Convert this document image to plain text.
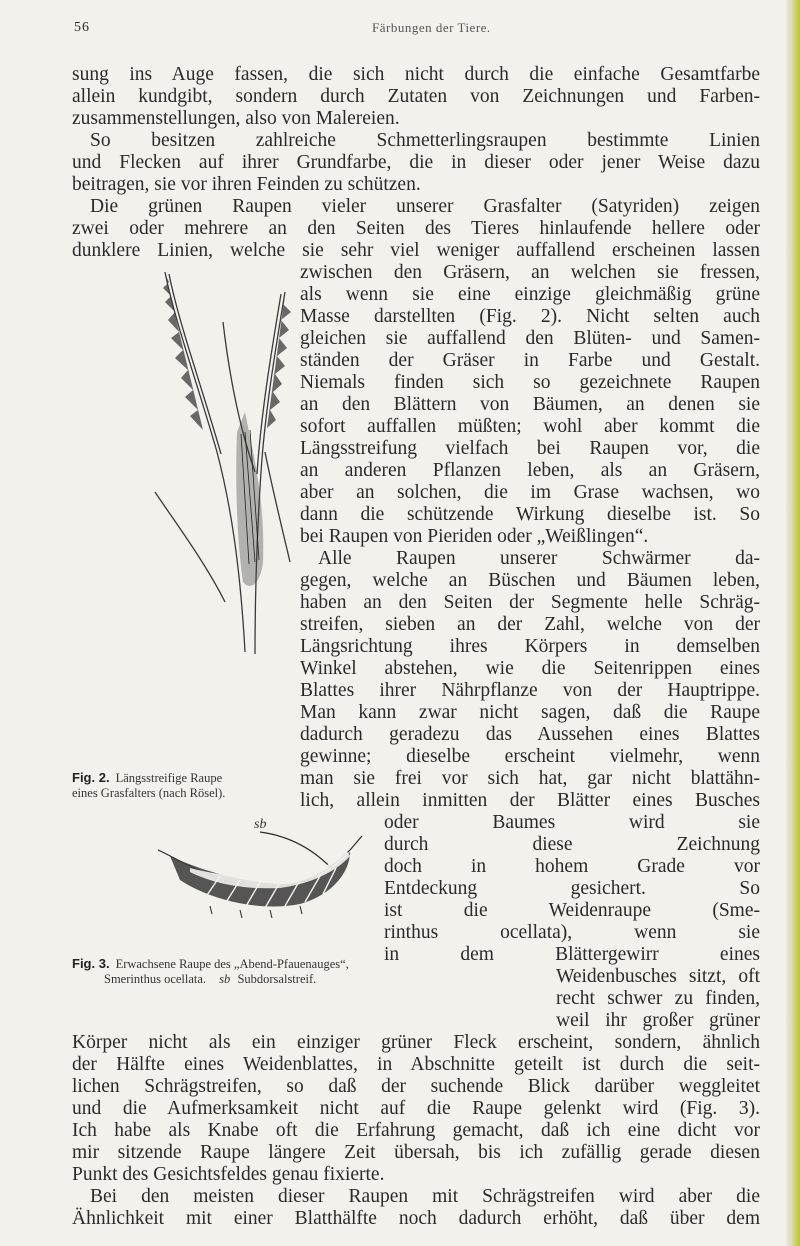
56	Färbungen der Tiere.
sung ins Auge fassen, die sich nicht durch die einfache Gesamtfarbe
allein kundgibt, sondern durch Zutaten von Zeichnungen und Farben-
zusammenstellungen, also von Malereien.
So besitzen zahlreiche Schmetterlingsraupen bestimmte Linien
und Flecken auf ihrer Grundfarbe, die in dieser oder jener Weise dazu
beitragen, sie vor ihren Feinden zu schützen.
Die grünen Raupen vieler unserer Grasfalter (Satyriden) zeigen
zwei oder mehrere an den Seiten des Tieres hinlaufende hellere oder
dunklere Linien, welche sie sehr viel weniger auffallend erscheinen lassen
zwischen den Gräsern, an welchen sie fressen,
als wenn sie eine einzige gleichmäßig grüne
Masse darstellten (Fig. 2). Nicht selten auch
gleichen sie auffallend den Blüten- und Samen-
ständen der Gräser in Farbe und Gestalt.
Niemals finden sich so gezeichnete Raupen
an den Blättern von Bäumen, an denen sie
sofort auffallen müßten; wohl aber kommt die
Längsstreifung vielfach bei Raupen vor, die
an anderen Pflanzen leben, als an Gräsern,
aber an solchen, die im Grase wachsen, wo
dann die schützende Wirkung dieselbe ist. So
bei Raupen von Pieriden oder „Weißlingen“.
Alle Raupen unserer Schwärmer da-
gegen, welche an Büschen und Bäumen leben,
haben an den Seiten der Segmente helle Schräg-
streifen, sieben an der Zahl, welche von der
Längsrichtung ihres Körpers in demselben
Winkel abstehen, wie die Seitenrippen eines
Blattes ihrer Nährpflanze von der Hauptrippe.
Man kann zwar nicht sagen, daß die Raupe
dadurch geradezu das Aussehen eines Blattes
gewinne; dieselbe erscheint vielmehr, wenn
man sie frei vor sich hat, gar nicht blattähn-
lich, allein inmitten der Blätter eines Busches
Fig. 2. Längsstreifige Raupe
eines Grasfalters (nach Rösel).
sb	oder Baumes wird sie
durch diese Zeichnung
doch in hohem Grade vor
Entdeckung gesichert. So
ist die Weidenraupe (Sme-
rinthus ocellata), wenn sie
in dem Blättergewirr eines
Weidenbusches sitzt, oft
recht schwer zu finden,
weil ihr großer grüner
Fig. 3. Erwachsene Raupe des „Abend-Pfauenauges“,
Smerinthus ocellata. sb Subdorsalstreif.
Körper nicht als ein einziger grüner Fleck erscheint, sondern, ähnlich
der Hälfte eines Weidenblattes, in Abschnitte geteilt ist durch die seit-
lichen Schrägstreifen, so daß der suchende Blick darüber weggleitet
und die Aufmerksamkeit nicht auf die Raupe gelenkt wird (Fig. 3).
Ich habe als Knabe oft die Erfahrung gemacht, daß ich eine dicht vor
mir sitzende Raupe längere Zeit übersah, bis ich zufällig gerade diesen
Punkt des Gesichtsfeldes genau fixierte.
Bei den meisten dieser Raupen mit Schrägstreifen wird aber die
Ähnlichkeit mit einer Blatthälfte noch dadurch erhöht, daß über dem
